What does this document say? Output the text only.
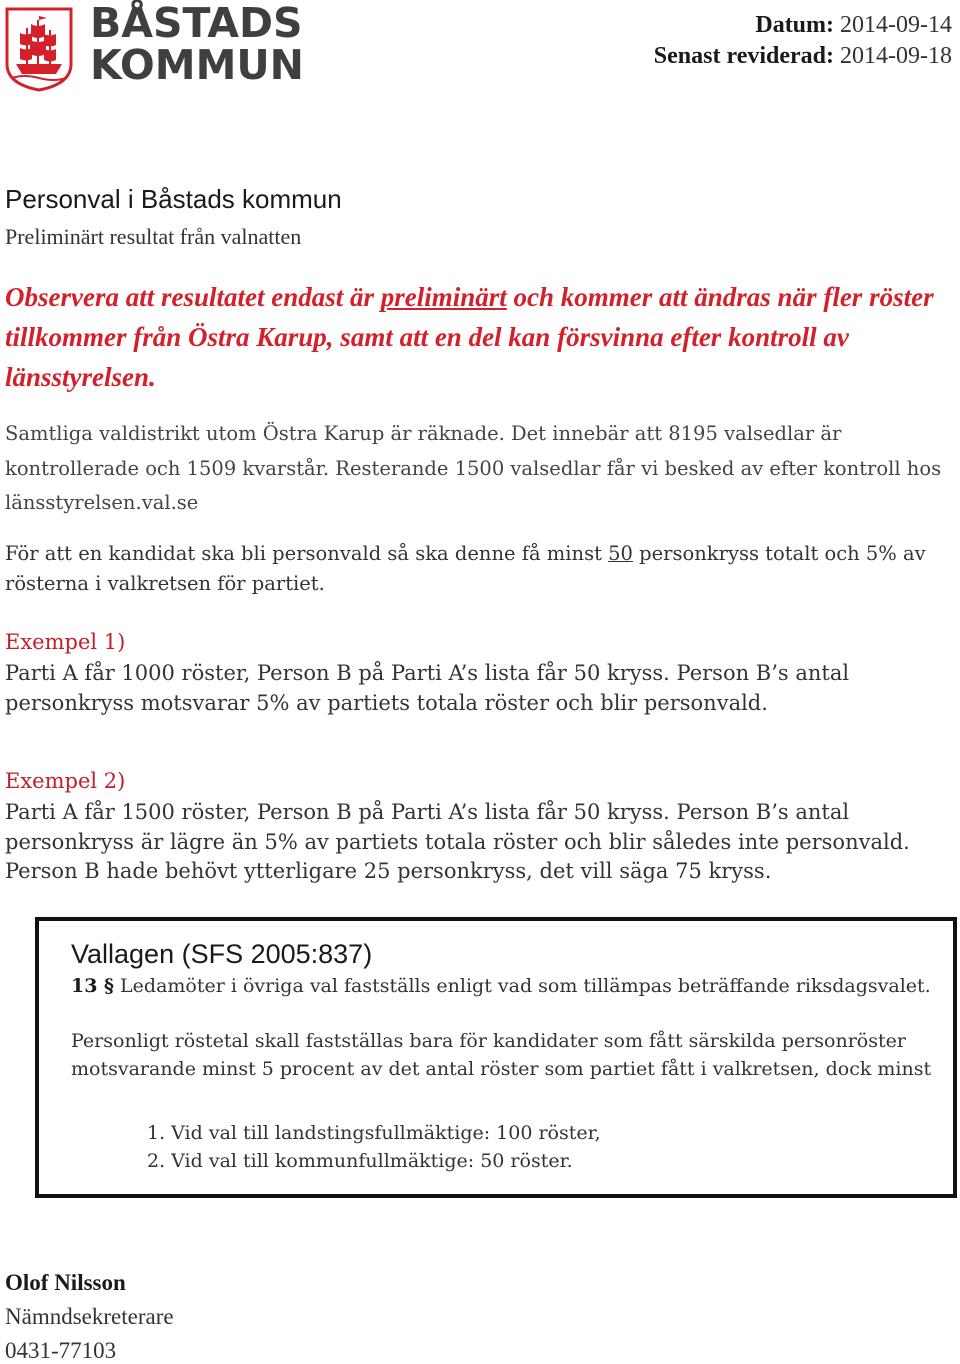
BÅSTADS
KOMMUN
Datum: 2014-09-14
Senast reviderad: 2014-09-18
Personval i Båstads kommun
Preliminärt resultat från valnatten
Observera att resultatet endast är preliminärt och kommer att ändras när fler röster tillkommer från Östra Karup, samt att en del kan försvinna efter kontroll av länsstyrelsen.
Samtliga valdistrikt utom Östra Karup är räknade. Det innebär att 8195 valsedlar är kontrollerade och 1509 kvarstår. Resterande 1500 valsedlar får vi besked av efter kontroll hos länsstyrelsen.val.se
För att en kandidat ska bli personvald så ska denne få minst 50 personkryss totalt och 5% av rösterna i valkretsen för partiet.
Exempel 1)
Parti A får 1000 röster, Person B på Parti A’s lista får 50 kryss. Person B’s antal personkryss motsvarar 5% av partiets totala röster och blir personvald.
Exempel 2)
Parti A får 1500 röster, Person B på Parti A’s lista får 50 kryss. Person B’s antal personkryss är lägre än 5% av partiets totala röster och blir således inte personvald. Person B hade behövt ytterligare 25 personkryss, det vill säga 75 kryss.
Vallagen (SFS 2005:837)
13 § Ledamöter i övriga val fastställs enligt vad som tillämpas beträffande riksdagsvalet.
Personligt röstetal skall fastställas bara för kandidater som fått särskilda personröster motsvarande minst 5 procent av det antal röster som partiet fått i valkretsen, dock minst
1. Vid val till landstingsfullmäktige: 100 röster,
2. Vid val till kommunfullmäktige: 50 röster.
Olof Nilsson
Nämndsekreterare
0431-77103
